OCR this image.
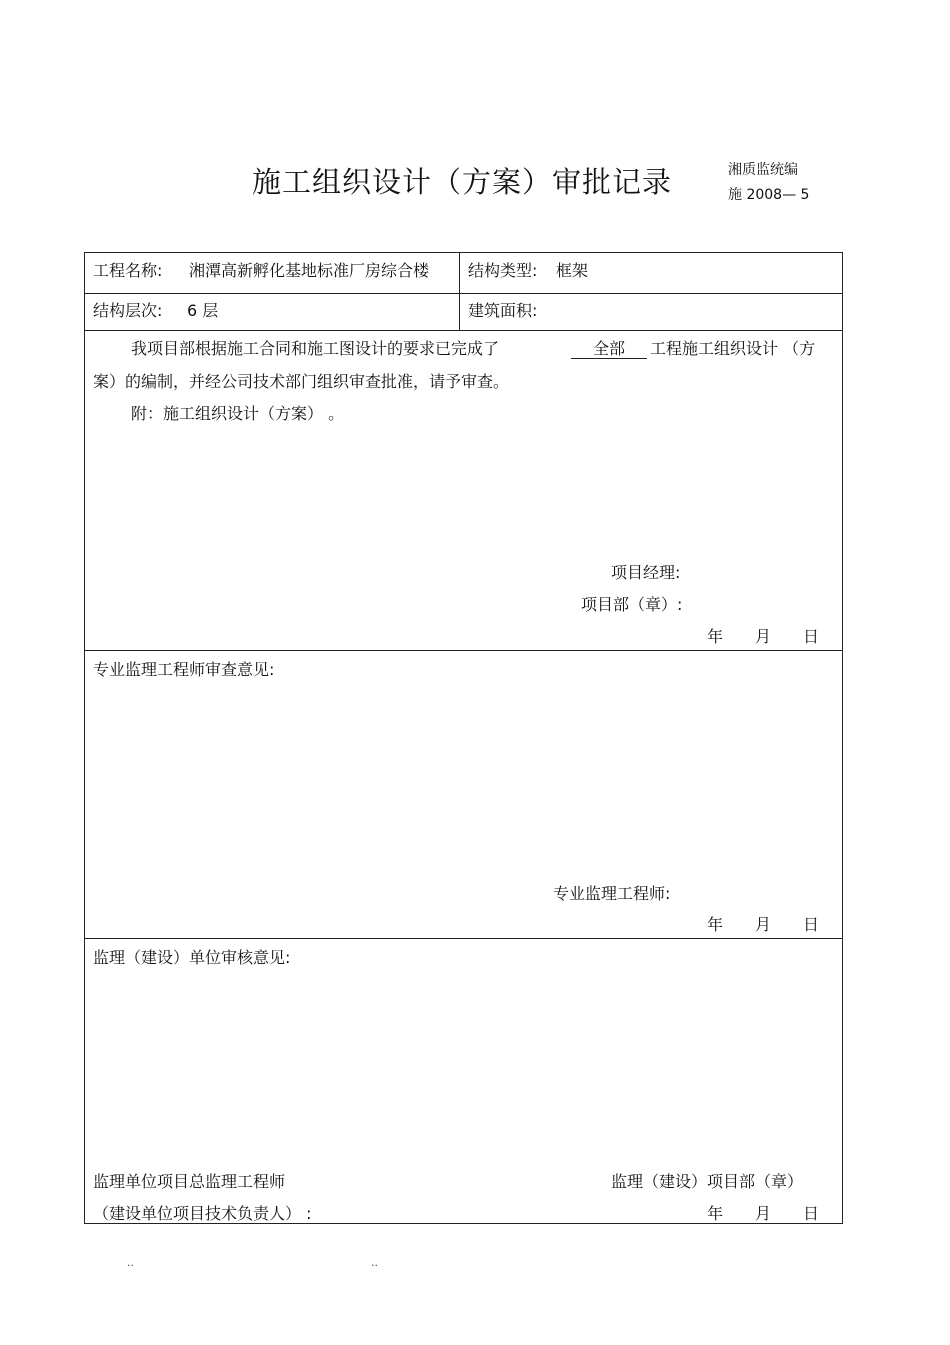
施工组织设计（方案）审批记录	湘质监统编
施 2008— 5
工程名称: 湘潭高新孵化基地标准厂房综合楼 结构类型: 框架
结构层次: 6 层	建筑面积:
我项目部根据施工合同和施工图设计的要求已完成了	全部	工程施工组织设计 （方
案）的编制，并经公司技术部门组织审查批准，请予审查。
附：施工组织设计（方案） 。
项目经理:
项目部（章）:
年 月 日
专业监理工程师审查意见:
专业监理工程师:
年 月 日
监理（建设）单位审核意见:
监理单位项目总监理工程师	监理（建设）项目部（章）
（建设单位项目技术负责人） :	年 月 日
..	..
